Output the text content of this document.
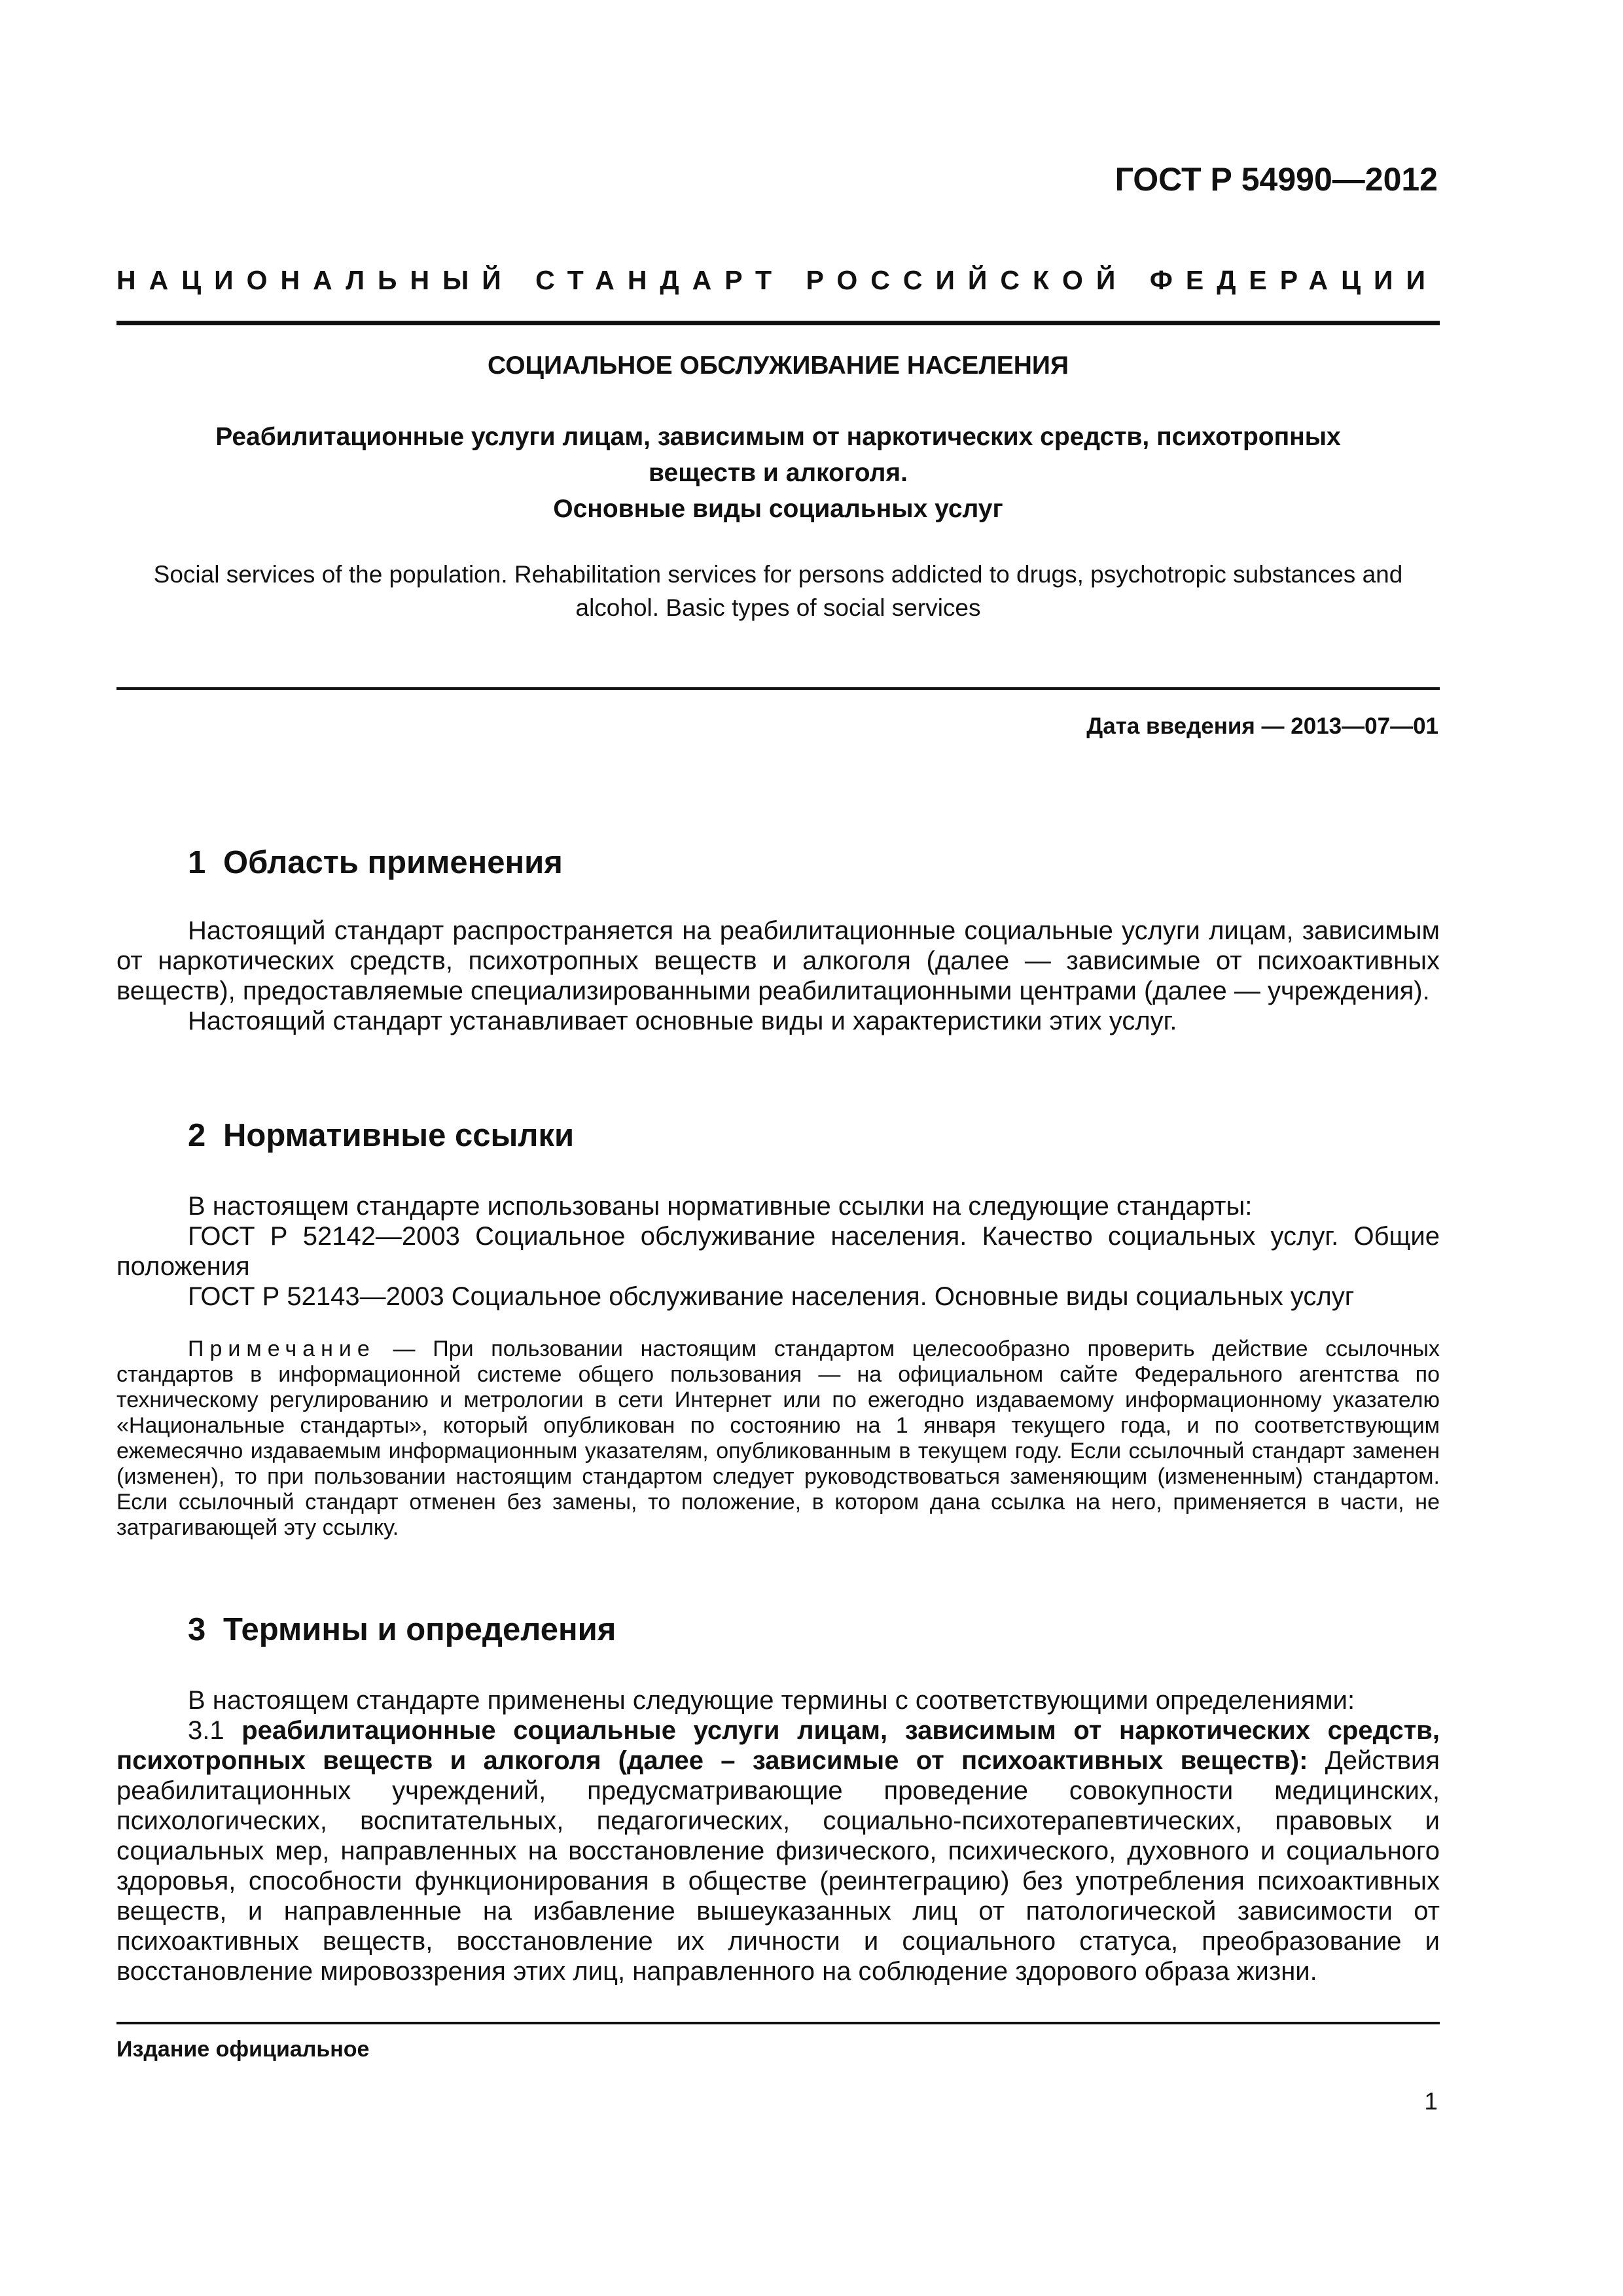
ГОСТ Р 54990—2012
НАЦИОНАЛЬНЫЙ СТАНДАРТ РОССИЙСКОЙ ФЕДЕРАЦИИ
СОЦИАЛЬНОЕ ОБСЛУЖИВАНИЕ НАСЕЛЕНИЯ
Реабилитационные услуги лицам, зависимым от наркотических средств, психотропных
веществ и алкоголя.
Основные виды социальных услуг
Social services of the population. Rehabilitation services for persons addicted to drugs, psychotropic substances and
alcohol. Basic types of social services
Дата введения — 2013—07—01
1 Область применения

Настоящий стандарт распространяется на реабилитационные социальные услуги лицам, зависимым от наркотических средств, психотропных веществ и алкоголя (далее — зависимые от психоактивных веществ), предоставляемые специализированными реабилитационными центрами (далее — учреждения).

Настоящий стандарт устанавливает основные виды и характеристики этих услуг.

2 Нормативные ссылки

В настоящем стандарте использованы нормативные ссылки на следующие стандарты:

ГОСТ Р 52142—2003 Социальное обслуживание населения. Качество социальных услуг. Общие положения

ГОСТ Р 52143—2003 Социальное обслуживание населения. Основные виды социальных услуг

Примечание — При пользовании настоящим стандартом целесообразно проверить действие ссылочных стандартов в информационной системе общего пользования — на официальном сайте Федерального агентства по техническому регулированию и метрологии в сети Интернет или по ежегодно издаваемому информационному указателю «Национальные стандарты», который опубликован по состоянию на 1 января текущего года, и по соответствующим ежемесячно издаваемым информационным указателям, опубликованным в текущем году. Если ссылочный стандарт заменен (изменен), то при пользовании настоящим стандартом следует руководствоваться заменяющим (измененным) стандартом. Если ссылочный стандарт отменен без замены, то положение, в котором дана ссылка на него, применяется в части, не затрагивающей эту ссылку.

3 Термины и определения

В настоящем стандарте применены следующие термины с соответствующими определениями:

3.1 реабилитационные социальные услуги лицам, зависимым от наркотических средств, психотропных веществ и алкоголя (далее – зависимые от психоактивных веществ): Действия реабилитационных учреждений, предусматривающие проведение совокупности медицинских, психологических, воспитательных, педагогических, социально-психотерапевтических, правовых и социальных мер, направленных на восстановление физического, психического, духовного и социального здоровья, способности функционирования в обществе (реинтеграцию) без употребления психоактивных веществ, и направленные на избавление вышеуказанных лиц от патологической зависимости от психоактивных веществ, восстановление их личности и социального статуса, преобразование и восстановление мировоззрения этих лиц, направленного на соблюдение здорового образа жизни.

Издание официальное
1
